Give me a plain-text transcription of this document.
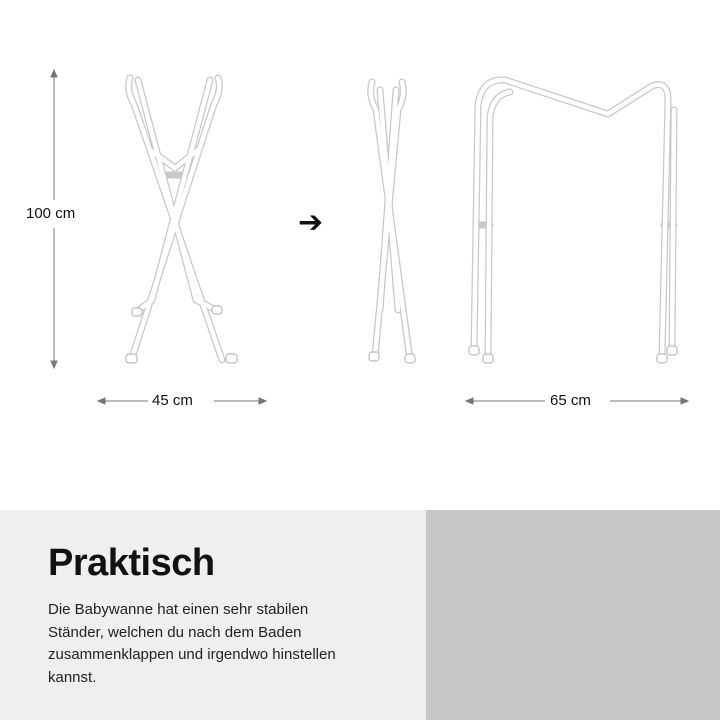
100 cm
45 cm	65 cm
➔
Praktisch

Die Babywanne hat einen sehr stabilen Ständer, welchen du nach dem Baden zusammenklappen und irgendwo hinstellen kannst.
